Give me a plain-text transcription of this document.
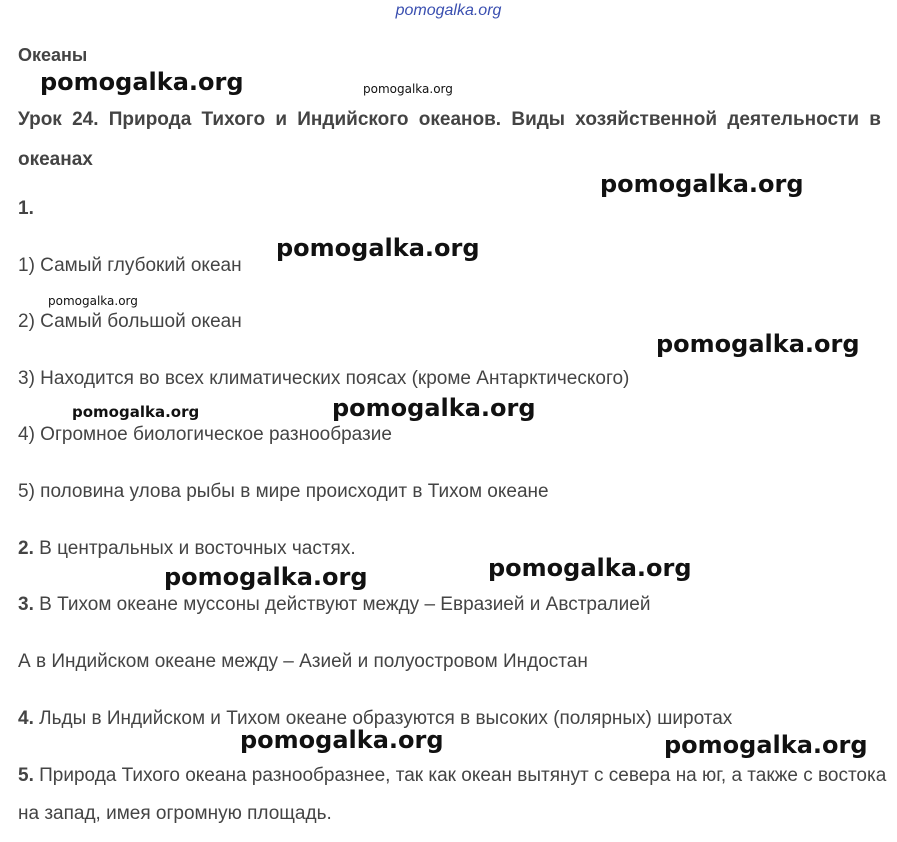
pomogalka.org
Океаны
Урок 24. Природа Тихого и Индийского океанов. Виды хозяйственной деятельности в океанах
1.
1) Самый глубокий океан
2) Самый большой океан
3) Находится во всех климатических поясах (кроме Антарктического)
4) Огромное биологическое разнообразие
5) половина улова рыбы в мире происходит в Тихом океане
2. В центральных и восточных частях.
3. В Тихом океане муссоны действуют между – Евразией и Австралией
А в Индийском океане между – Азией и полуостровом Индостан
4. Льды в Индийском и Тихом океане образуются в высоких (полярных) широтах
5. Природа Тихого океана разнообразнее, так как океан вытянут с севера на юг, а также с востока на запад, имея огромную площадь.
pomogalka.org	pomogalka.org
pomogalka.org
pomogalka.org
pomogalka.org
pomogalka.org
pomogalka.org	pomogalka.org
pomogalka.org	pomogalka.org
pomogalka.org	pomogalka.org
